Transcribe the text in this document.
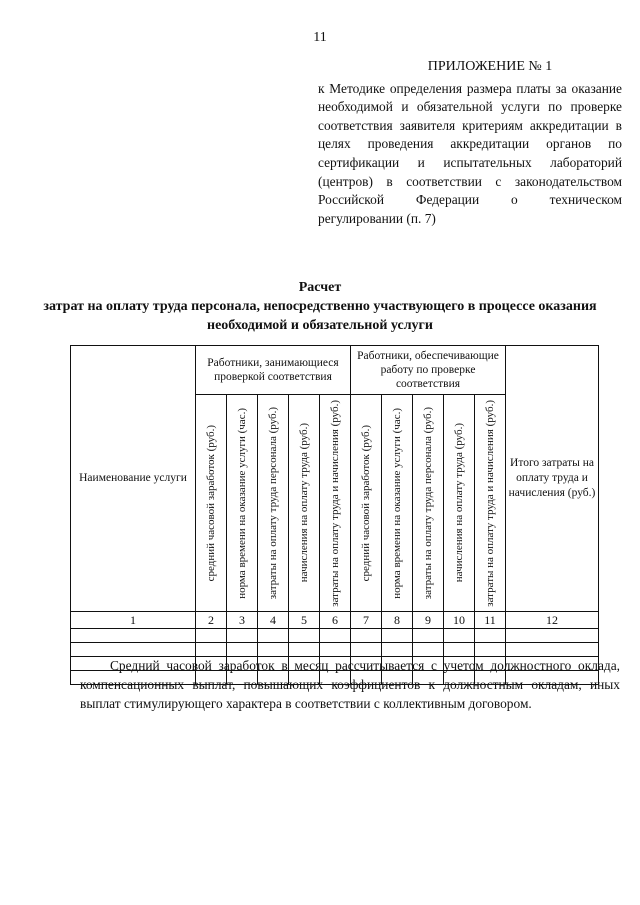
11
ПРИЛОЖЕНИЕ № 1
к Методике определения размера платы за оказание необходимой и обязательной услуги по проверке соответствия заявителя критериям аккредитации в целях проведения аккредитации органов по сертификации и испытательных лабораторий (центров) в соответствии с законодательством Российской Федерации о техническом регулировании (п. 7)
Расчет
затрат на оплату труда персонала, непосредственно участвующего в процессе оказания необходимой и обязательной услуги
Наименование услуги	Работники, занимающиеся проверкой соответствия					Работники, обеспечивающие работу по проверке соответствия					Итого затраты на оплату труда и начисления (руб.)

	средний часовой заработок (руб.)	норма времени на оказание услуги (час.)	затраты на оплату труда персонала (руб.)	начисления на оплату труда (руб.)	затраты на оплату труда и начисления (руб.)	средний часовой заработок (руб.)	норма времени на оказание услуги (час.)	затраты на оплату труда персонала (руб.)	начисления на оплату труда (руб.)	затраты на оплату труда и начисления (руб.)	

1	2	3	4	5	6	7	8	9	10	11	12

Средний часовой заработок в месяц рассчитывается с учетом должностного оклада, компенсационных выплат, повышающих коэффициентов к должностным окладам, иных выплат стимулирующего характера в соответствии с коллективным договором.
